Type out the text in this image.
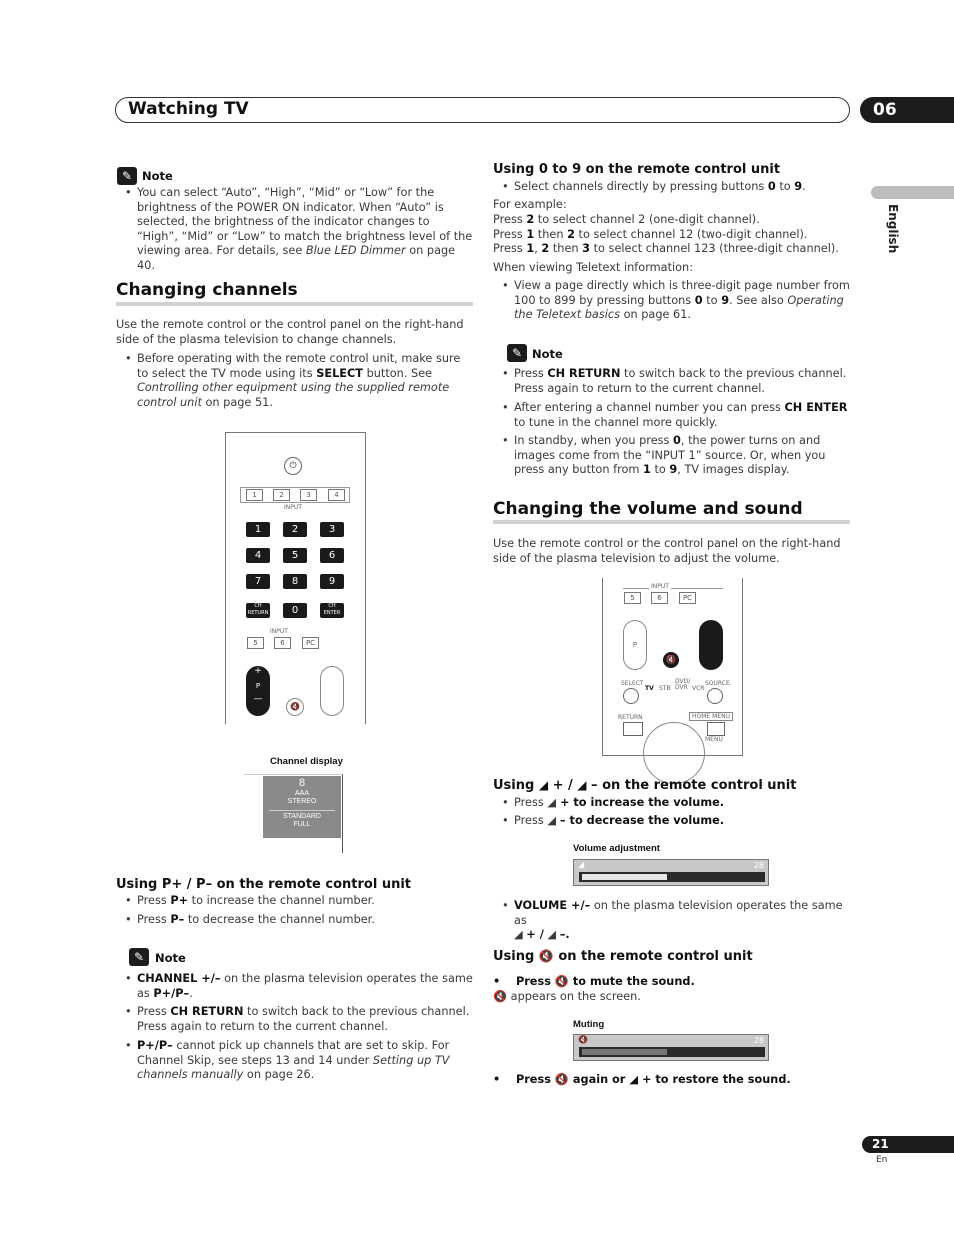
Watching TV	06
English
✎ Note
• You can select “Auto”, “High”, “Mid” or “Low” for the brightness of the POWER ON indicator. When “Auto” is selected, the brightness of the indicator changes to “High”, “Mid” or “Low” to match the brightness level of the viewing area. For details, see Blue LED Dimmer on page 40.
Changing channels
Use the remote control or the control panel on the right-hand side of the plasma television to change channels.
• Before operating with the remote control unit, make sure to select the TV mode using its SELECT button. See Controlling other equipment using the supplied remote control unit on page 51.
⏻
1	2	3	4
INPUT
1	2	3
4	5	6
7	8	9
CH RETURN	0	CH ENTER
INPUT
5	6	PC
+
P
—
🔇
Channel display
8
AAA
STEREO
STANDARD
FULL
Using P+ / P– on the remote control unit
• Press P+ to increase the channel number.
• Press P– to decrease the channel number.
✎ Note
• CHANNEL +/– on the plasma television operates the same as P+/P–.
• Press CH RETURN to switch back to the previous channel. Press again to return to the current channel.
• P+/P– cannot pick up channels that are set to skip. For Channel Skip, see steps 13 and 14 under Setting up TV channels manually on page 26.
Using 0 to 9 on the remote control unit
• Select channels directly by pressing buttons 0 to 9.
For example:
Press 2 to select channel 2 (one-digit channel).
Press 1 then 2 to select channel 12 (two-digit channel).
Press 1, 2 then 3 to select channel 123 (three-digit channel).
When viewing Teletext information:
• View a page directly which is three-digit page number from 100 to 899 by pressing buttons 0 to 9. See also Operating the Teletext basics on page 61.
✎ Note
• Press CH RETURN to switch back to the previous channel. Press again to return to the current channel.
• After entering a channel number you can press CH ENTER to tune in the channel more quickly.
• In standby, when you press 0, the power turns on and images come from the “INPUT 1” source. Or, when you press any button from 1 to 9, TV images display.
Changing the volume and sound
Use the remote control or the control panel on the right-hand side of the plasma television to adjust the volume.
INPUT
5	6	PC
P
🔇
SELECT
TV STB
DVD/ DVR VCR
SOURCE
RETURN	HOME MENU
MENU
Using ◢ + / ◢ – on the remote control unit
• Press ◢ + to increase the volume.
• Press ◢ – to decrease the volume.
Volume adjustment
◢	28
• VOLUME +/– on the plasma television operates the same as
◢ + / ◢ –.
Using 🔇 on the remote control unit
•    Press 🔇 to mute the sound.
🔇 appears on the screen.
Muting
🔇	28
•    Press 🔇 again or ◢ + to restore the sound.
21
En
